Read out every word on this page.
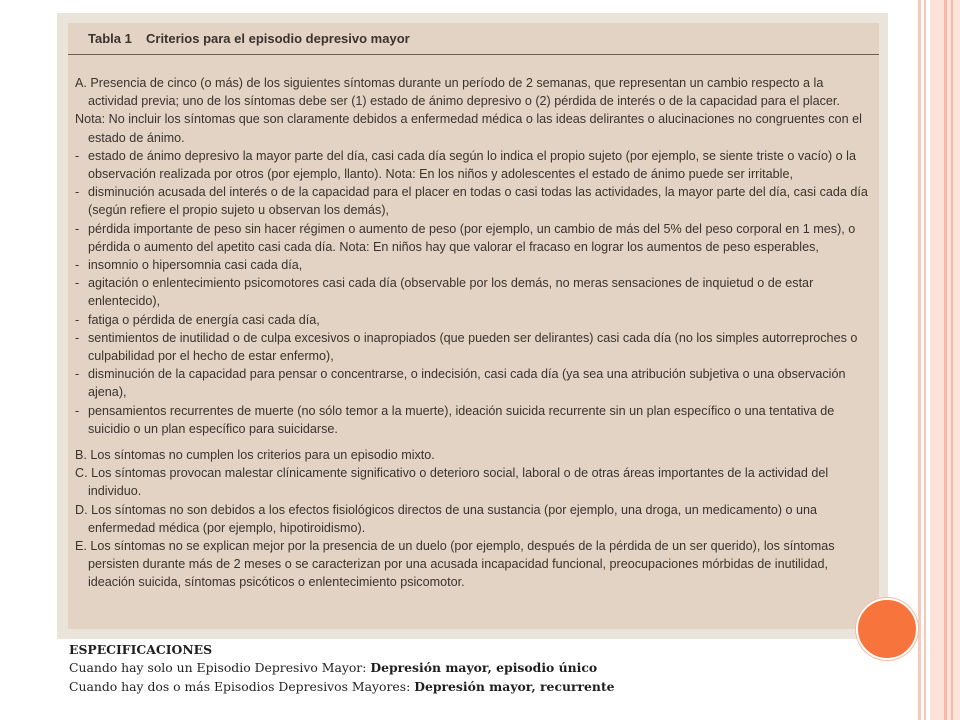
Tabla 1	Criterios para el episodio depresivo mayor
A. Presencia de cinco (o más) de los siguientes síntomas durante un período de 2 semanas, que representan un cambio respecto a la actividad previa; uno de los síntomas debe ser (1) estado de ánimo depresivo o (2) pérdida de interés o de la capacidad para el placer.
Nota: No incluir los síntomas que son claramente debidos a enfermedad médica o las ideas delirantes o alucinaciones no congruentes con el estado de ánimo.
- estado de ánimo depresivo la mayor parte del día, casi cada día según lo indica el propio sujeto (por ejemplo, se siente triste o vacío) o la observación realizada por otros (por ejemplo, llanto). Nota: En los niños y adolescentes el estado de ánimo puede ser irritable,
- disminución acusada del interés o de la capacidad para el placer en todas o casi todas las actividades, la mayor parte del día, casi cada día (según refiere el propio sujeto u observan los demás),
- pérdida importante de peso sin hacer régimen o aumento de peso (por ejemplo, un cambio de más del 5% del peso corporal en 1 mes), o pérdida o aumento del apetito casi cada día. Nota: En niños hay que valorar el fracaso en lograr los aumentos de peso esperables,
- insomnio o hipersomnia casi cada día,
- agitación o enlentecimiento psicomotores casi cada día (observable por los demás, no meras sensaciones de inquietud o de estar enlentecido),
- fatiga o pérdida de energía casi cada día,
- sentimientos de inutilidad o de culpa excesivos o inapropiados (que pueden ser delirantes) casi cada día (no los simples autorreproches o culpabilidad por el hecho de estar enfermo),
- disminución de la capacidad para pensar o concentrarse, o indecisión, casi cada día (ya sea una atribución subjetiva o una observación ajena),
- pensamientos recurrentes de muerte (no sólo temor a la muerte), ideación suicida recurrente sin un plan específico o una tentativa de suicidio o un plan específico para suicidarse.
B. Los síntomas no cumplen los criterios para un episodio mixto.
C. Los síntomas provocan malestar clínicamente significativo o deterioro social, laboral o de otras áreas importantes de la actividad del individuo.
D. Los síntomas no son debidos a los efectos fisiológicos directos de una sustancia (por ejemplo, una droga, un medicamento) o una enfermedad médica (por ejemplo, hipotiroidismo).
E. Los síntomas no se explican mejor por la presencia de un duelo (por ejemplo, después de la pérdida de un ser querido), los síntomas persisten durante más de 2 meses o se caracterizan por una acusada incapacidad funcional, preocupaciones mórbidas de inutilidad, ideación suicida, síntomas psicóticos o enlentecimiento psicomotor.
ESPECIFICACIONES
Cuando hay solo un Episodio Depresivo Mayor: Depresión mayor, episodio único
Cuando hay dos o más Episodios Depresivos Mayores: Depresión mayor, recurrente
